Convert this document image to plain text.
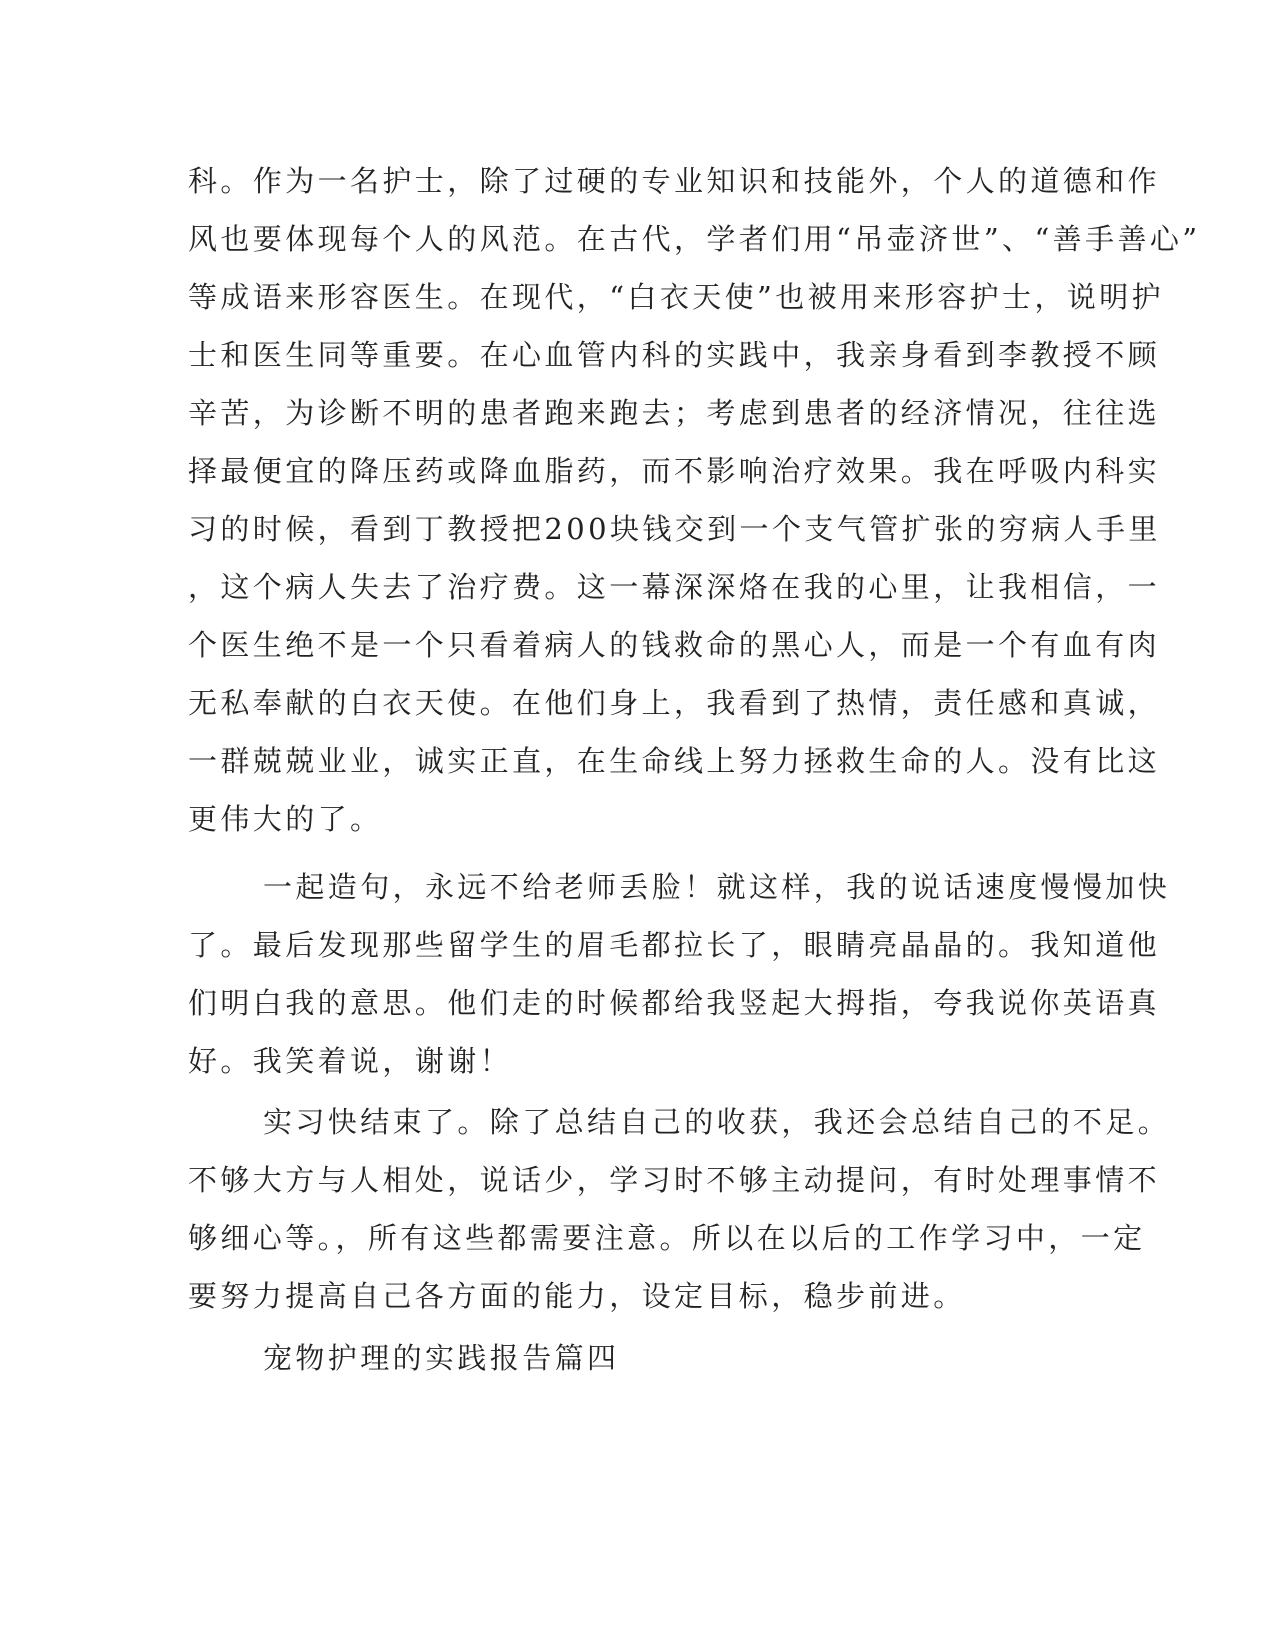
科。作为一名护士，除了过硬的专业知识和技能外，个人的道德和作
风也要体现每个人的风范。在古代，学者们用“吊壶济世”、“善手善心”
等成语来形容医生。在现代，“白衣天使”也被用来形容护士，说明护
士和医生同等重要。在心血管内科的实践中，我亲身看到李教授不顾
辛苦，为诊断不明的患者跑来跑去；考虑到患者的经济情况，往往选
择最便宜的降压药或降血脂药，而不影响治疗效果。我在呼吸内科实
习的时候，看到丁教授把200块钱交到一个支气管扩张的穷病人手里
，这个病人失去了治疗费。这一幕深深烙在我的心里，让我相信，一
个医生绝不是一个只看着病人的钱救命的黑心人，而是一个有血有肉
无私奉献的白衣天使。在他们身上，我看到了热情，责任感和真诚，
一群兢兢业业，诚实正直，在生命线上努力拯救生命的人。没有比这
更伟大的了。
一起造句，永远不给老师丢脸！就这样，我的说话速度慢慢加快
了。最后发现那些留学生的眉毛都拉长了，眼睛亮晶晶的。我知道他
们明白我的意思。他们走的时候都给我竖起大拇指，夸我说你英语真
好。我笑着说，谢谢！
实习快结束了。除了总结自己的收获，我还会总结自己的不足。
不够大方与人相处，说话少，学习时不够主动提问，有时处理事情不
够细心等。，所有这些都需要注意。所以在以后的工作学习中，一定
要努力提高自己各方面的能力，设定目标，稳步前进。
宠物护理的实践报告篇四
